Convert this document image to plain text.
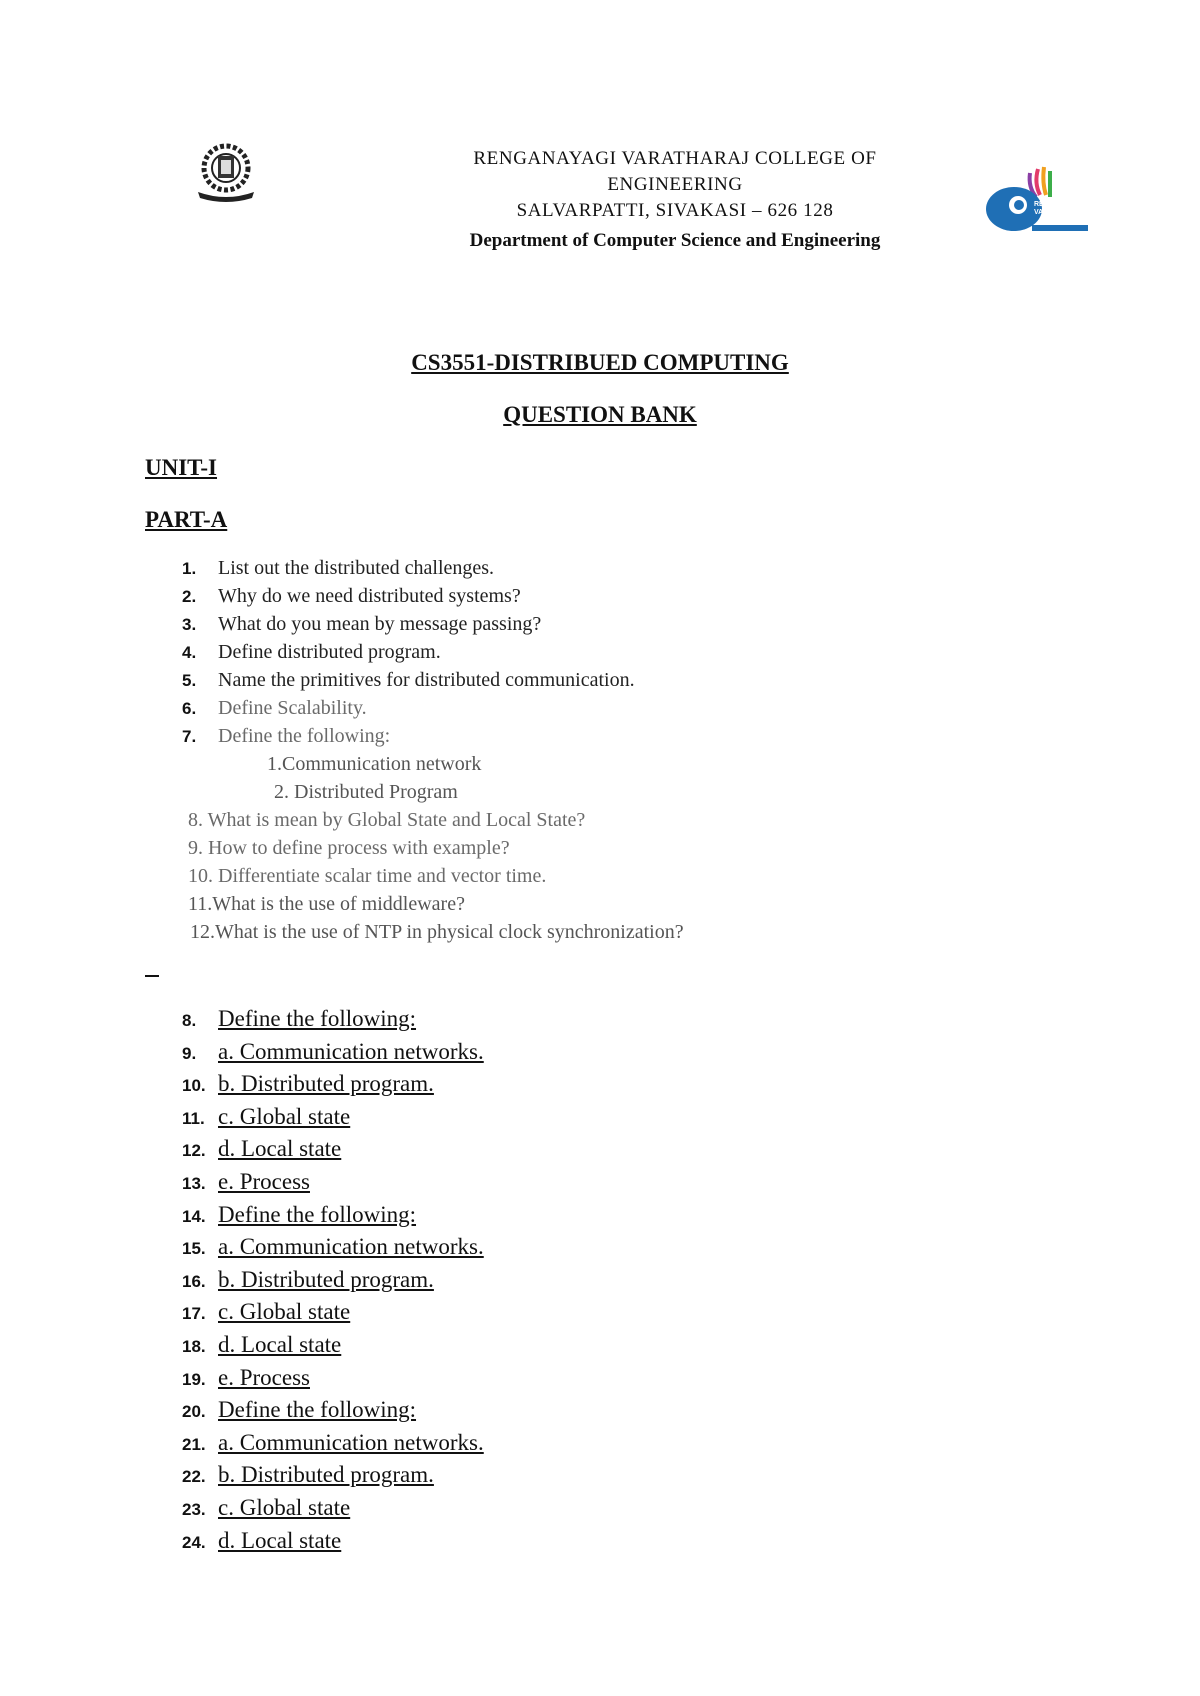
RENGANAYAGI VARATHARAJ COLLEGE OF
ENGINEERING
SALVARPATTI, SIVAKASI – 626 128
Department of Computer Science and Engineering
RENGANAYAGI VARATHARAJ
CS3551-DISTRIBUED COMPUTING
QUESTION BANK
UNIT-I
PART-A
1. List out the distributed challenges.
2. Why do we need distributed systems?
3. What do you mean by message passing?
4. Define distributed program.
5. Name the primitives for distributed communication.
6. Define Scalability.
7. Define the following:
1.Communication network
2. Distributed Program
8. What is mean by Global State and Local State?
9. How to define process with example?
10. Differentiate scalar time and vector time.
11.What is the use of middleware?
12.What is the use of NTP in physical clock synchronization?
8. Define the following:
9. a. Communication networks.
10. b. Distributed program.
11. c. Global state
12. d. Local state
13. e. Process
14. Define the following:
15. a. Communication networks.
16. b. Distributed program.
17. c. Global state
18. d. Local state
19. e. Process
20. Define the following:
21. a. Communication networks.
22. b. Distributed program.
23. c. Global state
24. d. Local state
